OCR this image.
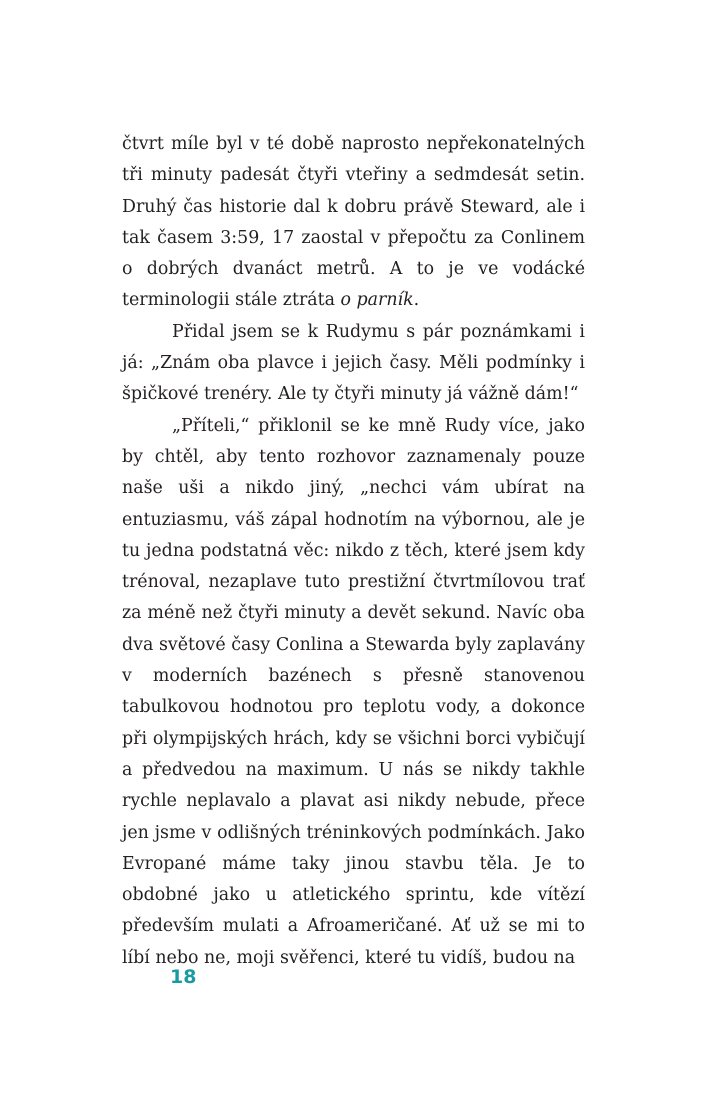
čtvrt míle byl v té době naprosto nepřekonatelných tři minuty padesát čtyři vteřiny a sedmdesát setin. Druhý čas historie dal k dobru právě Steward, ale i tak časem 3:59, 17 zaostal v přepočtu za Conlinem o dobrých dvanáct metrů. A to je ve vodácké terminologii stále ztráta o parník.

Přidal jsem se k Rudymu s pár poznámkami i já: „Znám oba plavce i jejich časy. Měli podmínky i špičkové trenéry. Ale ty čtyři minuty já vážně dám!“

„Příteli,“ přiklonil se ke mně Rudy více, jako by chtěl, aby tento rozhovor zaznamenaly pouze naše uši a nikdo jiný, „nechci vám ubírat na entuziasmu, váš zápal hodnotím na výbornou, ale je tu jedna podstatná věc: nikdo z těch, které jsem kdy trénoval, nezaplave tuto prestižní čtvrtmílovou trať za méně než čtyři minuty a devět sekund. Navíc oba dva světové časy Conlina a Stewarda byly zaplavány v moderních bazénech s přesně stanovenou tabulkovou hodnotou pro teplotu vody, a dokonce při olympijských hrách, kdy se všichni borci vybičují a předvedou na maximum. U nás se nikdy takhle rychle neplavalo a plavat asi nikdy nebude, přece jen jsme v odlišných tréninkových podmínkách. Jako Evropané máme taky jinou stavbu těla. Je to obdobné jako u atletického sprintu, kde vítězí především mulati a Afroameričané. Ať už se mi to líbí nebo ne, moji svěřenci, které tu vidíš, budou na

18
